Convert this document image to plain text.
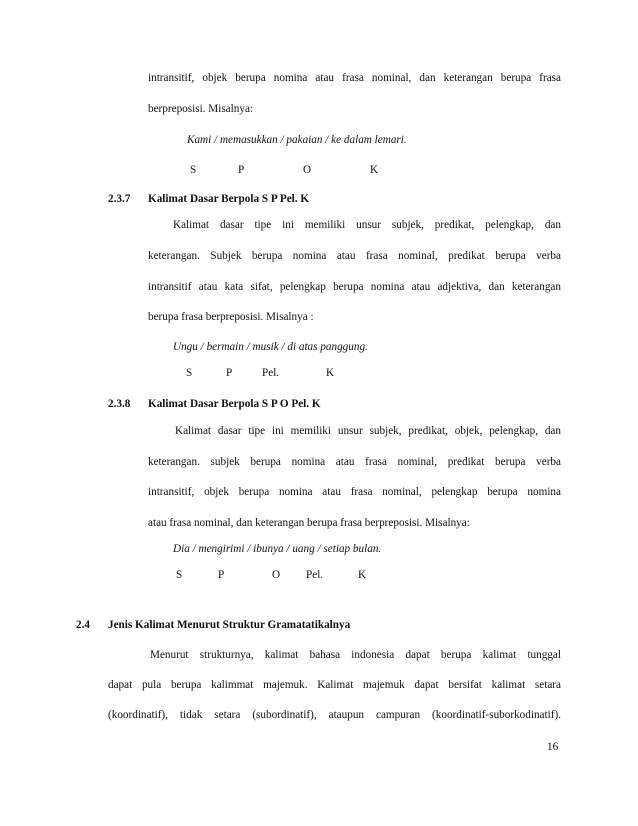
intransitif, objek berupa nomina atau frasa nominal, dan keterangan berupa frasa
berpreposisi. Misalnya:
Kami / memasukkan / pakaian / ke dalam lemari.
S	P	O	K
2.3.7 Kalimat Dasar Berpola S P Pel. K
Kalimat dasar tipe ini memiliki unsur subjek, predikat, pelengkap, dan
keterangan. Subjek berupa nomina atau frasa nominal, predikat berupa verba
intransitif atau kata sifat, pelengkap berupa nomina atau adjektiva, dan keterangan
berupa frasa berpreposisi. Misalnya :
Ungu / bermain / musik / di atas panggung.
S	P	Pel.	K
2.3.8 Kalimat Dasar Berpola S P O Pel. K
Kalimat dasar tipe ini memiliki unsur subjek, predikat, objek, pelengkap, dan
keterangan. subjek berupa nomina atau frasa nominal, predikat berupa verba
intransitif, objek berupa nomina atau frasa nominal, pelengkap berupa nomina
atau frasa nominal, dan keterangan berupa frasa berpreposisi. Misalnya:
Dia / mengirimi / ibunya / uang / setiap bulan.
S	P	O Pel.	K
2.4 Jenis Kalimat Menurut Struktur Gramatatikalnya
Menurut strukturnya, kalimat bahasa indonesia dapat berupa kalimat tunggal
dapat pula berupa kalimmat majemuk. Kalimat majemuk dapat bersifat kalimat setara
(koordinatif), tidak setara (subordinatif), ataupun campuran (koordinatif-suborkodinatif).
16
